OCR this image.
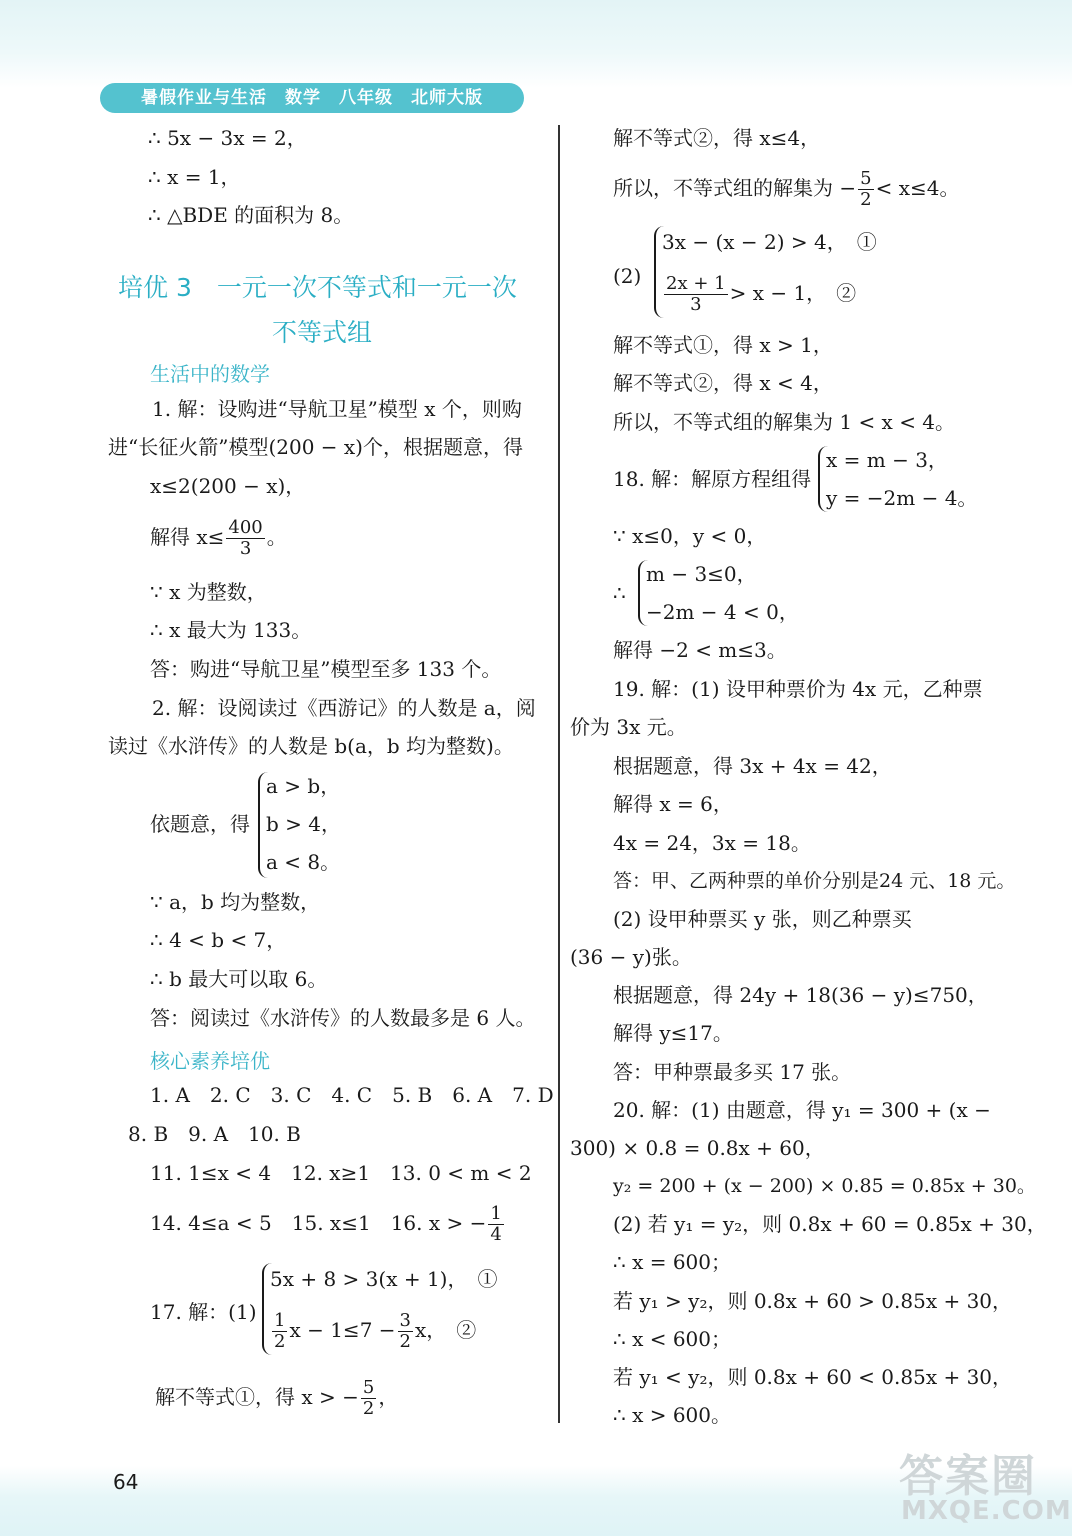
暑假作业与生活　数学　八年级　北师大版
∴ 5x − 3x = 2，
∴ x = 1，
∴ △BDE 的面积为 8。
培优 3　一元一次不等式和一元一次
不等式组
生活中的数学
1. 解：设购进“导航卫星”模型 x 个，则购
进“长征火箭”模型(200 − x)个，根据题意，得
x≤2(200 − x)，
解得 $x\le \frac{400}{3}$ 。
∵ x 为整数，
∴ x 最大为 133。
答：购进“导航卫星”模型至多 133 个。
2. 解：设阅读过《西游记》的人数是 a，阅
读过《水浒传》的人数是 b(a，b 均为整数)。
依题意，得
a > b，
b > 4，
a < 8。
∵ a，b 均为整数，
∴ 4 < b < 7，
∴ b 最大可以取 6。
答：阅读过《水浒传》的人数最多是 6 人。
核心素养培优
1. A　2. C　3. C　4. C　5. B　6. A　7. D
8. B　9. A　10. B
11. 1≤x < 4　12. x≥1　13. 0 < m < 2
14. 4≤a < 5　15. x≤1　16. x > − $\frac{1}{4}$
17. 解：(1)
5x + 8 > 3(x + 1)，　①
$\frac{1}{2}$ $x - 1\le 7 - \frac{3}{2}$ x，　②
解不等式①，得 x > − $\frac{5}{2}$ ，
解不等式②，得 x≤4，
所以，不等式组的解集为 − $\frac{5}{2} < x\le 4$。
(2)
3x − (x − 2) > 4，　①
$\frac{2x + 1}{3} > x - 1$，　②
解不等式①，得 x > 1，
解不等式②，得 x < 4，
所以，不等式组的解集为 1 < x < 4。
18. 解：解原方程组得
x = m − 3，
y = −2m − 4。
∵ x≤0，y < 0，
∴
m − 3≤0，
−2m − 4 < 0，
解得 −2 < m≤3。
19. 解：(1) 设甲种票价为 4x 元，乙种票
价为 3x 元。
根据题意，得 3x + 4x = 42，
解得 x = 6，
4x = 24，3x = 18。
答：甲、乙两种票的单价分别是24 元、18 元。
(2) 设甲种票买 y 张，则乙种票买
(36 − y)张。
根据题意，得 24y + 18(36 − y)≤750，
解得 y≤17。
答：甲种票最多买 17 张。
20. 解：(1) 由题意，得 y₁ = 300 + (x −
300) × 0.8 = 0.8x + 60，
y₂ = 200 + (x − 200) × 0.85 = 0.85x + 30。
(2) 若 y₁ = y₂，则 0.8x + 60 = 0.85x + 30，
∴ x = 600；
若 y₁ > y₂，则 0.8x + 60 > 0.85x + 30，
∴ x < 600；
若 y₁ < y₂，则 0.8x + 60 < 0.85x + 30，
∴ x > 600。
64	答案圈
MXQE.COM
